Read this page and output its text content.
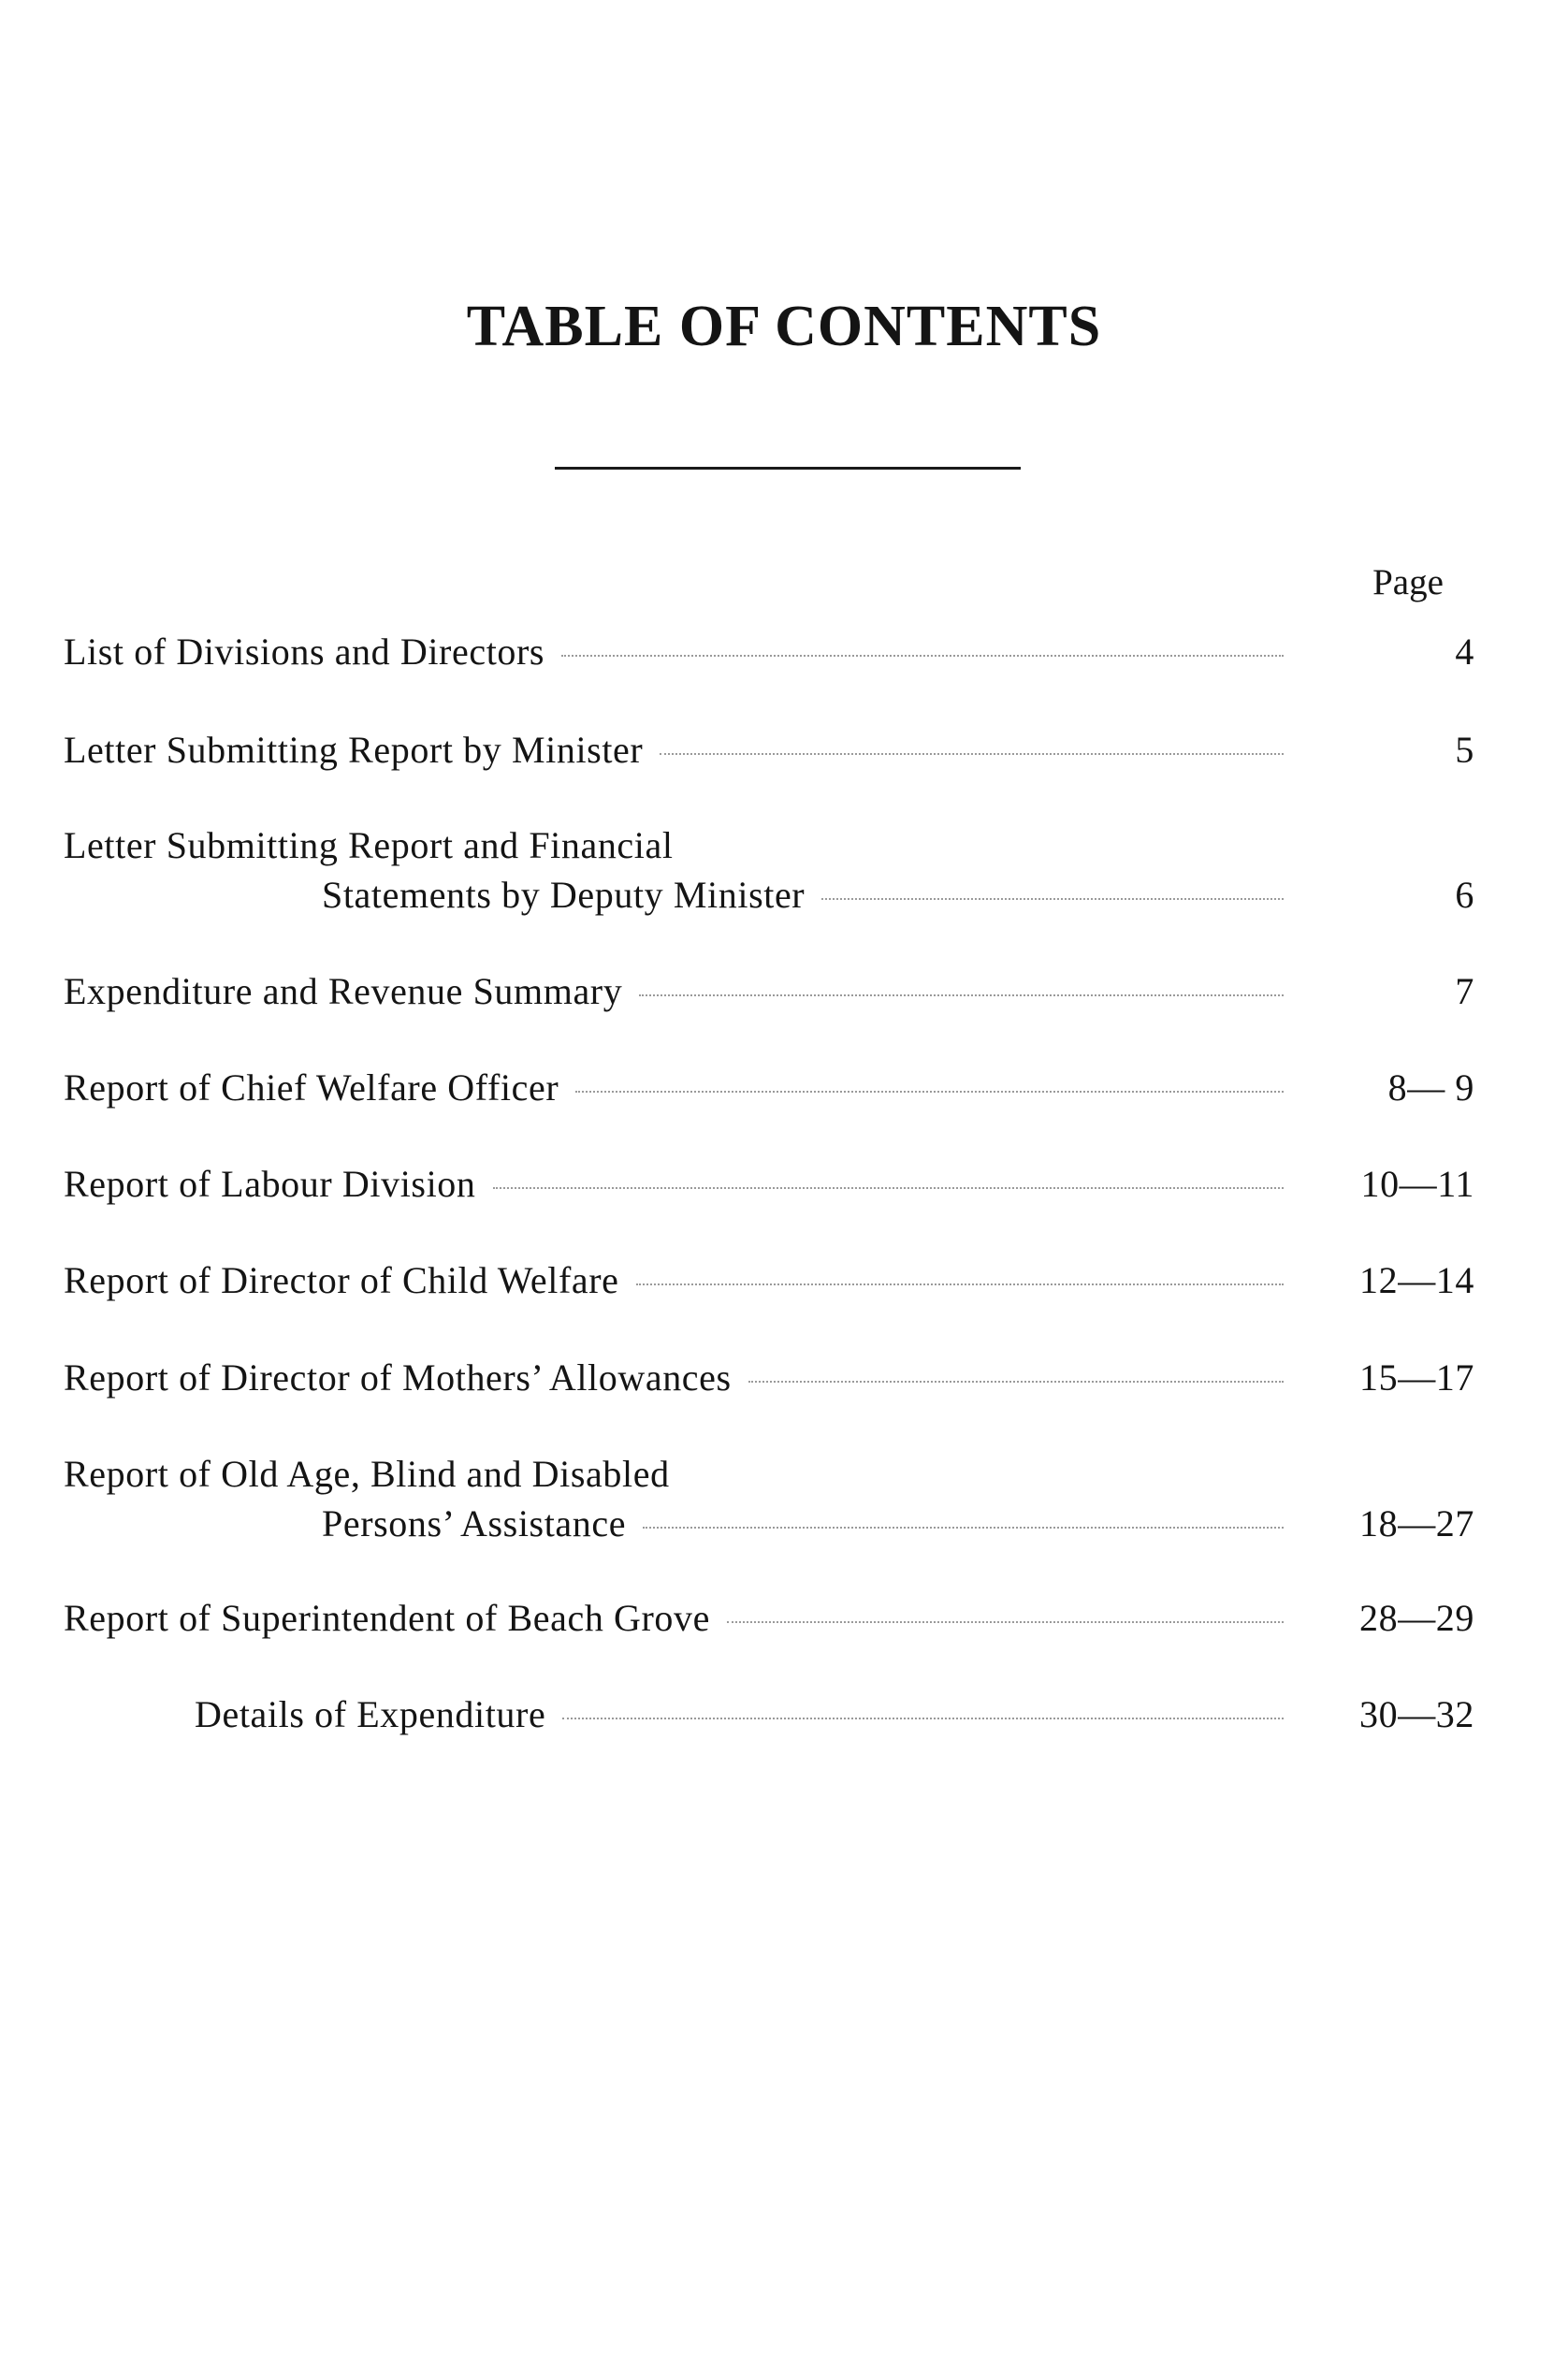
TABLE OF CONTENTS
Page
List of Divisions and Directors	4
Letter Submitting Report by Minister	5
Letter Submitting Report and Financial
Statements by Deputy Minister	6
Expenditure and Revenue Summary	7
Report of Chief Welfare Officer	8— 9
Report of Labour Division	10—11
Report of Director of Child Welfare	12—14
Report of Director of Mothers’ Allowances	15—17
Report of Old Age, Blind and Disabled
Persons’ Assistance	18—27
Report of Superintendent of Beach Grove	28—29
Details of Expenditure	30—32
